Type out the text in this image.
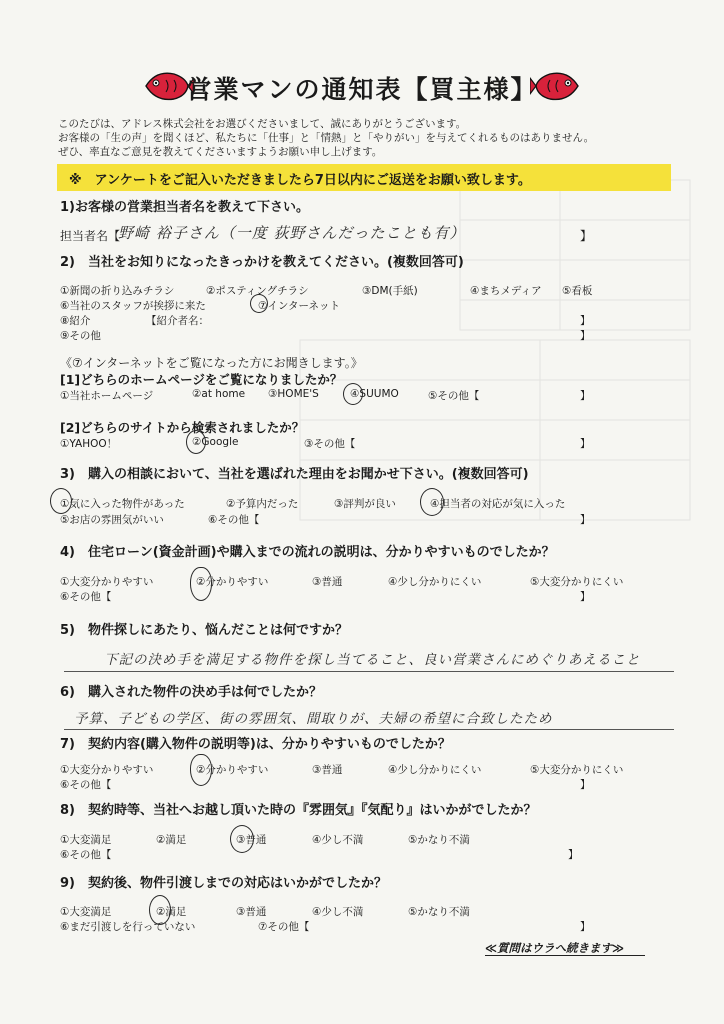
営業マンの通知表【買主様】
このたびは、アドレス株式会社をお選びくださいまして、誠にありがとうございます。
お客様の「生の声」を聞くほど、私たちに「仕事」と「情熱」と「やりがい」を与えてくれるものはありません。
ぜひ、率直なご意見を教えてくださいますようお願い申し上げます。
※　アンケートをご記入いただきましたら7日以内にご返送をお願い致します。
1)お客様の営業担当者名を教えて下さい。
担当者名【
野崎 裕子さん（一度 荻野さんだったことも有）	】
2)　当社をお知りになったきっかけを教えてください。(複数回答可)
①新聞の折り込みチラシ	②ポスティングチラシ	③DM(手紙)	④まちメディア ⑤看板
⑥当社のスタッフが挨拶に来た	⑦インターネット
⑧紹介	【紹介者名：	】
⑨その他	】
《⑦インターネットをご覧になった方にお聞きします。》
[1]どちらのホームページをご覧になりましたか？
①当社ホームページ	②at home ③HOME'S	④SUUMO	⑤その他【	】
[2]どちらのサイトから検索されましたか？
①YAHOO！	②Google	③その他【	】
3)　購入の相談において、当社を選ばれた理由をお聞かせ下さい。(複数回答可)
①気に入った物件があった	②予算内だった	③評判が良い	④担当者の対応が気に入った
⑤お店の雰囲気がいい	⑥その他【	】
4)　住宅ローン(資金計画)や購入までの流れの説明は、分かりやすいものでしたか？
①大変分かりやすい	②分かりやすい	③普通	④少し分かりにくい	⑤大変分かりにくい
⑥その他【	】
5)　物件探しにあたり、悩んだことは何ですか？
下記の決め手を満足する物件を探し当てること、良い営業さんにめぐりあえること
6)　購入された物件の決め手は何でしたか？
予算、子どもの学区、街の雰囲気、間取りが、夫婦の希望に合致したため
7)　契約内容(購入物件の説明等)は、分かりやすいものでしたか？
①大変分かりやすい	②分かりやすい	③普通	④少し分かりにくい	⑤大変分かりにくい
⑥その他【	】
8)　契約時等、当社へお越し頂いた時の『雰囲気』『気配り』はいかがでしたか？
①大変満足	②満足	③普通	④少し不満	⑤かなり不満
⑥その他【	】
9)　契約後、物件引渡しまでの対応はいかがでしたか？
①大変満足	②満足	③普通	④少し不満	⑤かなり不満
⑥まだ引渡しを行っていない	⑦その他【	】
≪質問はウラへ続きます≫
